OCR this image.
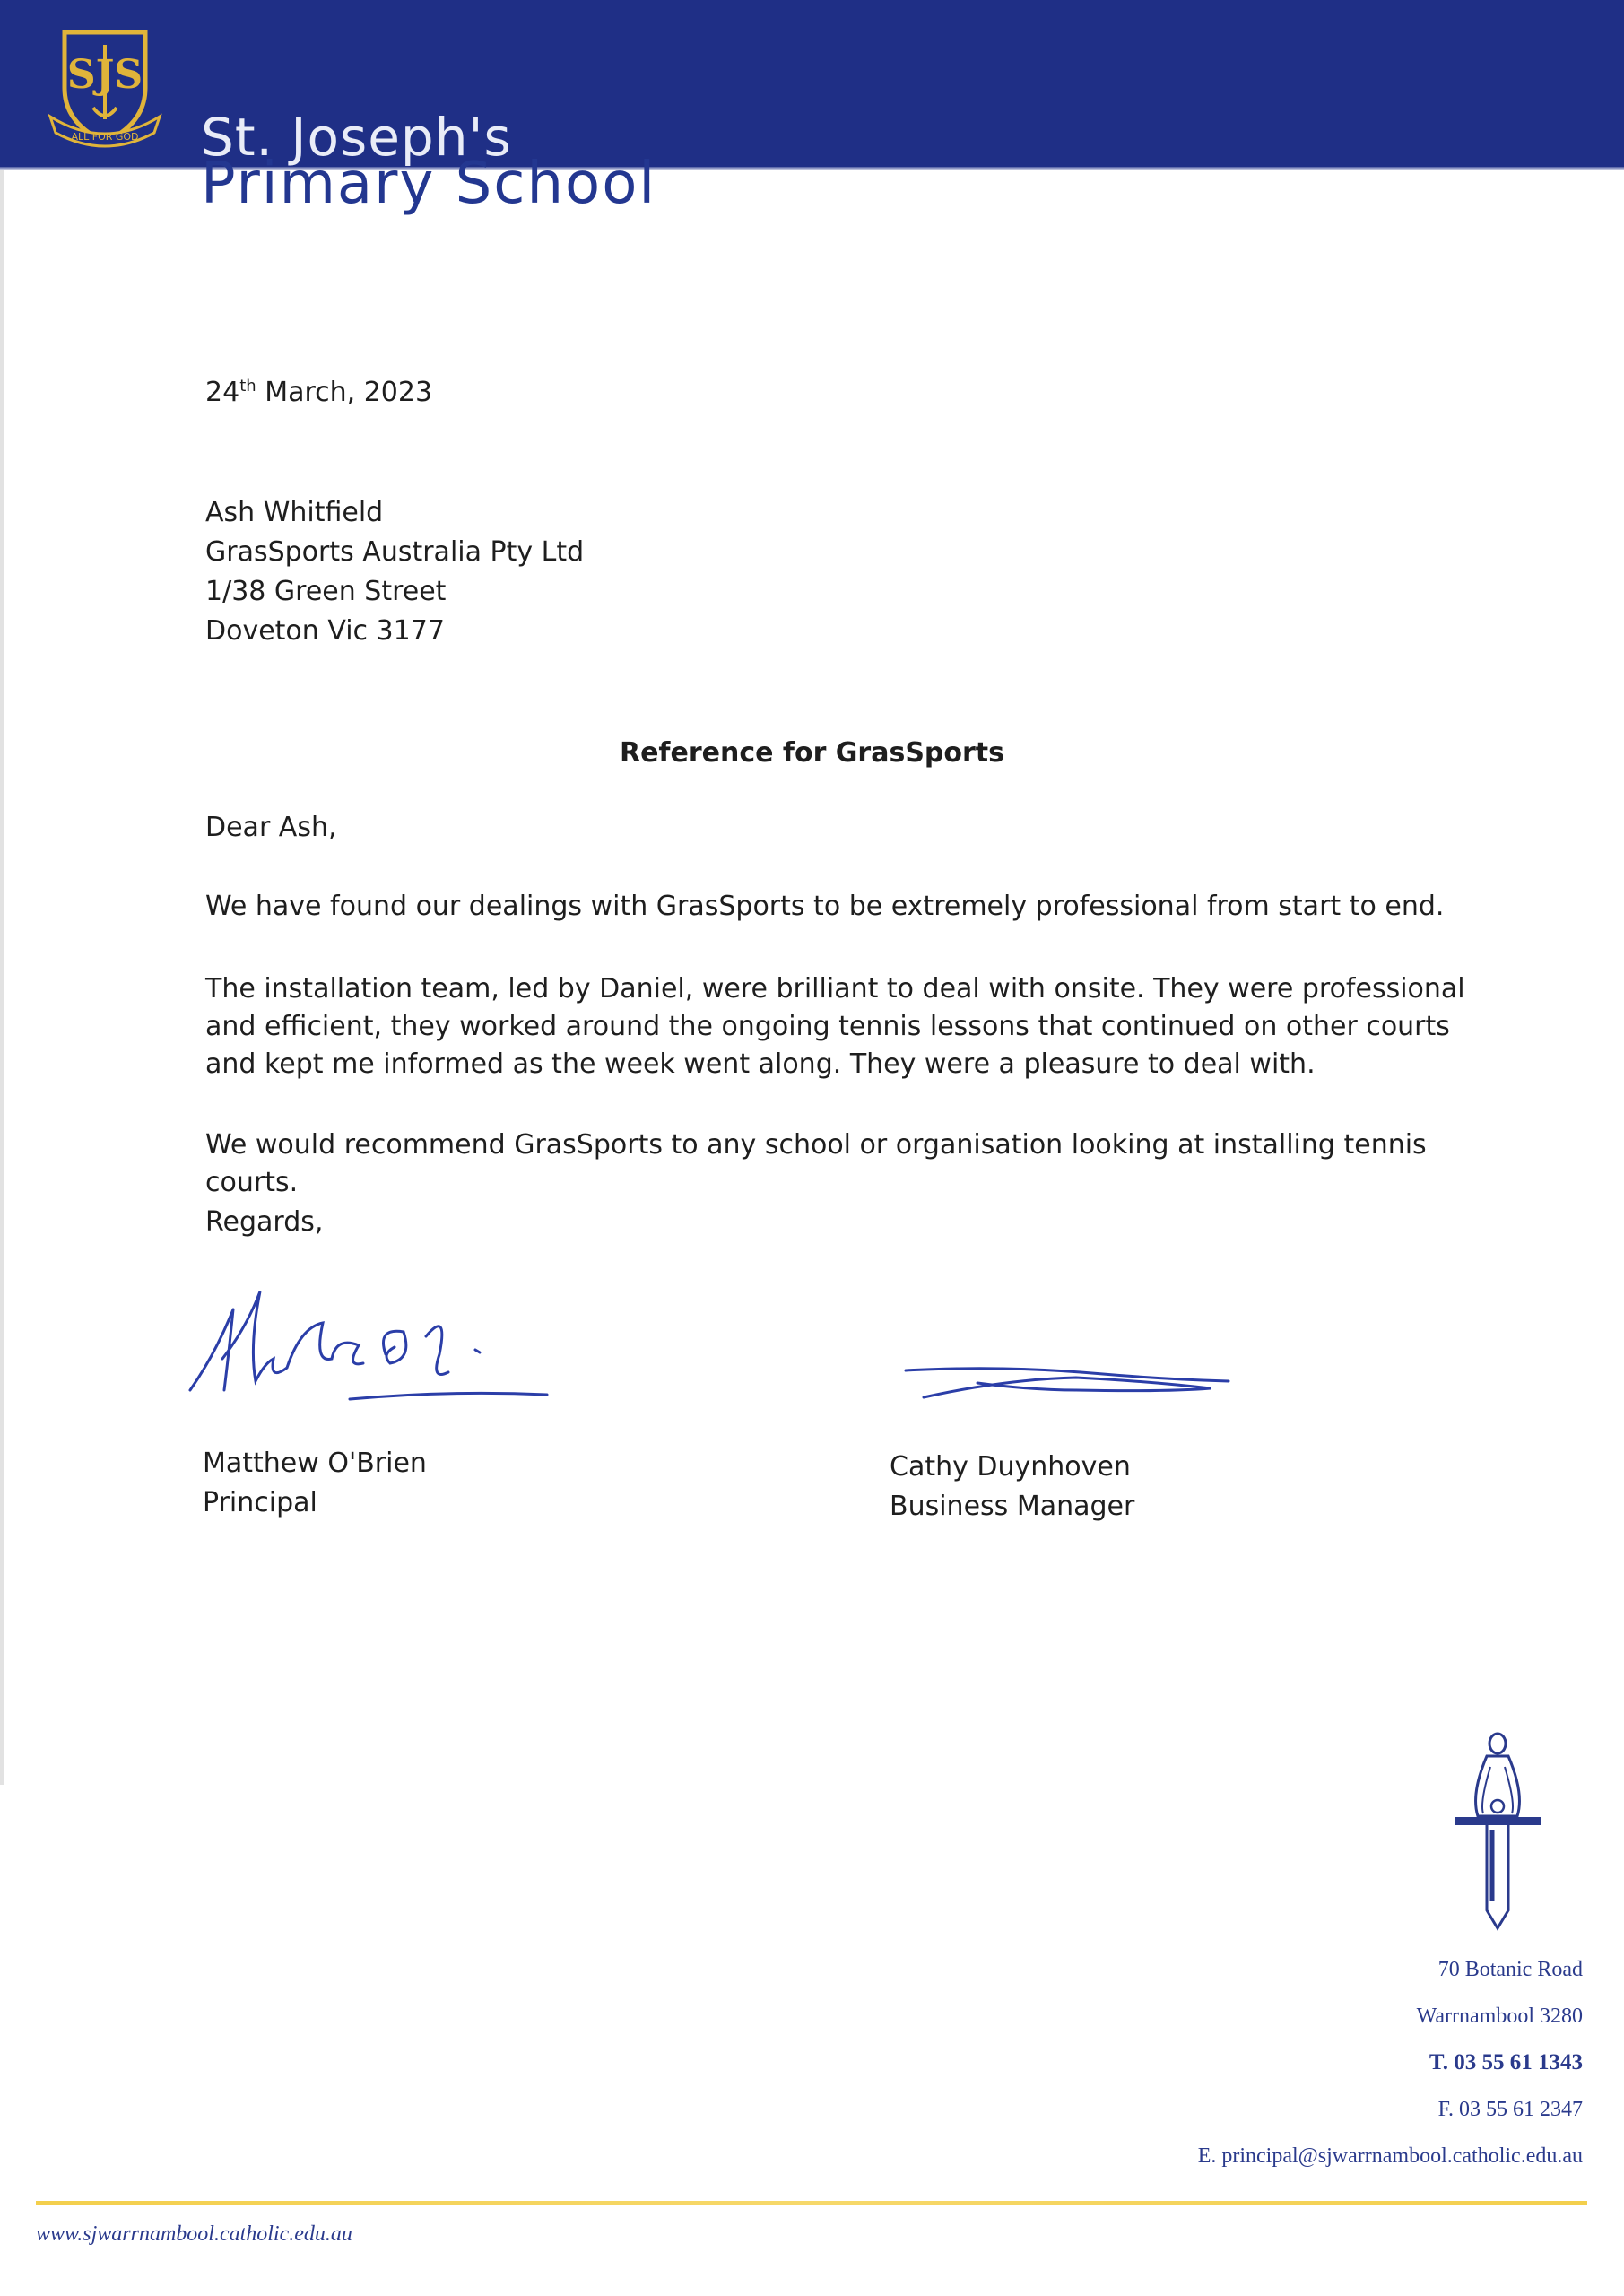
SJS
ALL FOR GOD St. Joseph's
Primary School
24th March, 2023
Ash Whitfield
GrasSports Australia Pty Ltd
1/38 Green Street
Doveton Vic 3177
Reference for GrasSports
Dear Ash,
We have found our dealings with GrasSports to be extremely professional from start to end.
The installation team, led by Daniel, were brilliant to deal with onsite. They were professional and efficient, they worked around the ongoing tennis lessons that continued on other courts and kept me informed as the week went along. They were a pleasure to deal with.
We would recommend GrasSports to any school or organisation looking at installing tennis courts.
Regards,
Matthew O'Brien
Principal
Cathy Duynhoven
Business Manager
70 Botanic Road
Warrnambool 3280
T. 03 55 61 1343
F. 03 55 61 2347
E. principal@sjwarrnambool.catholic.edu.au
www.sjwarrnambool.catholic.edu.au
